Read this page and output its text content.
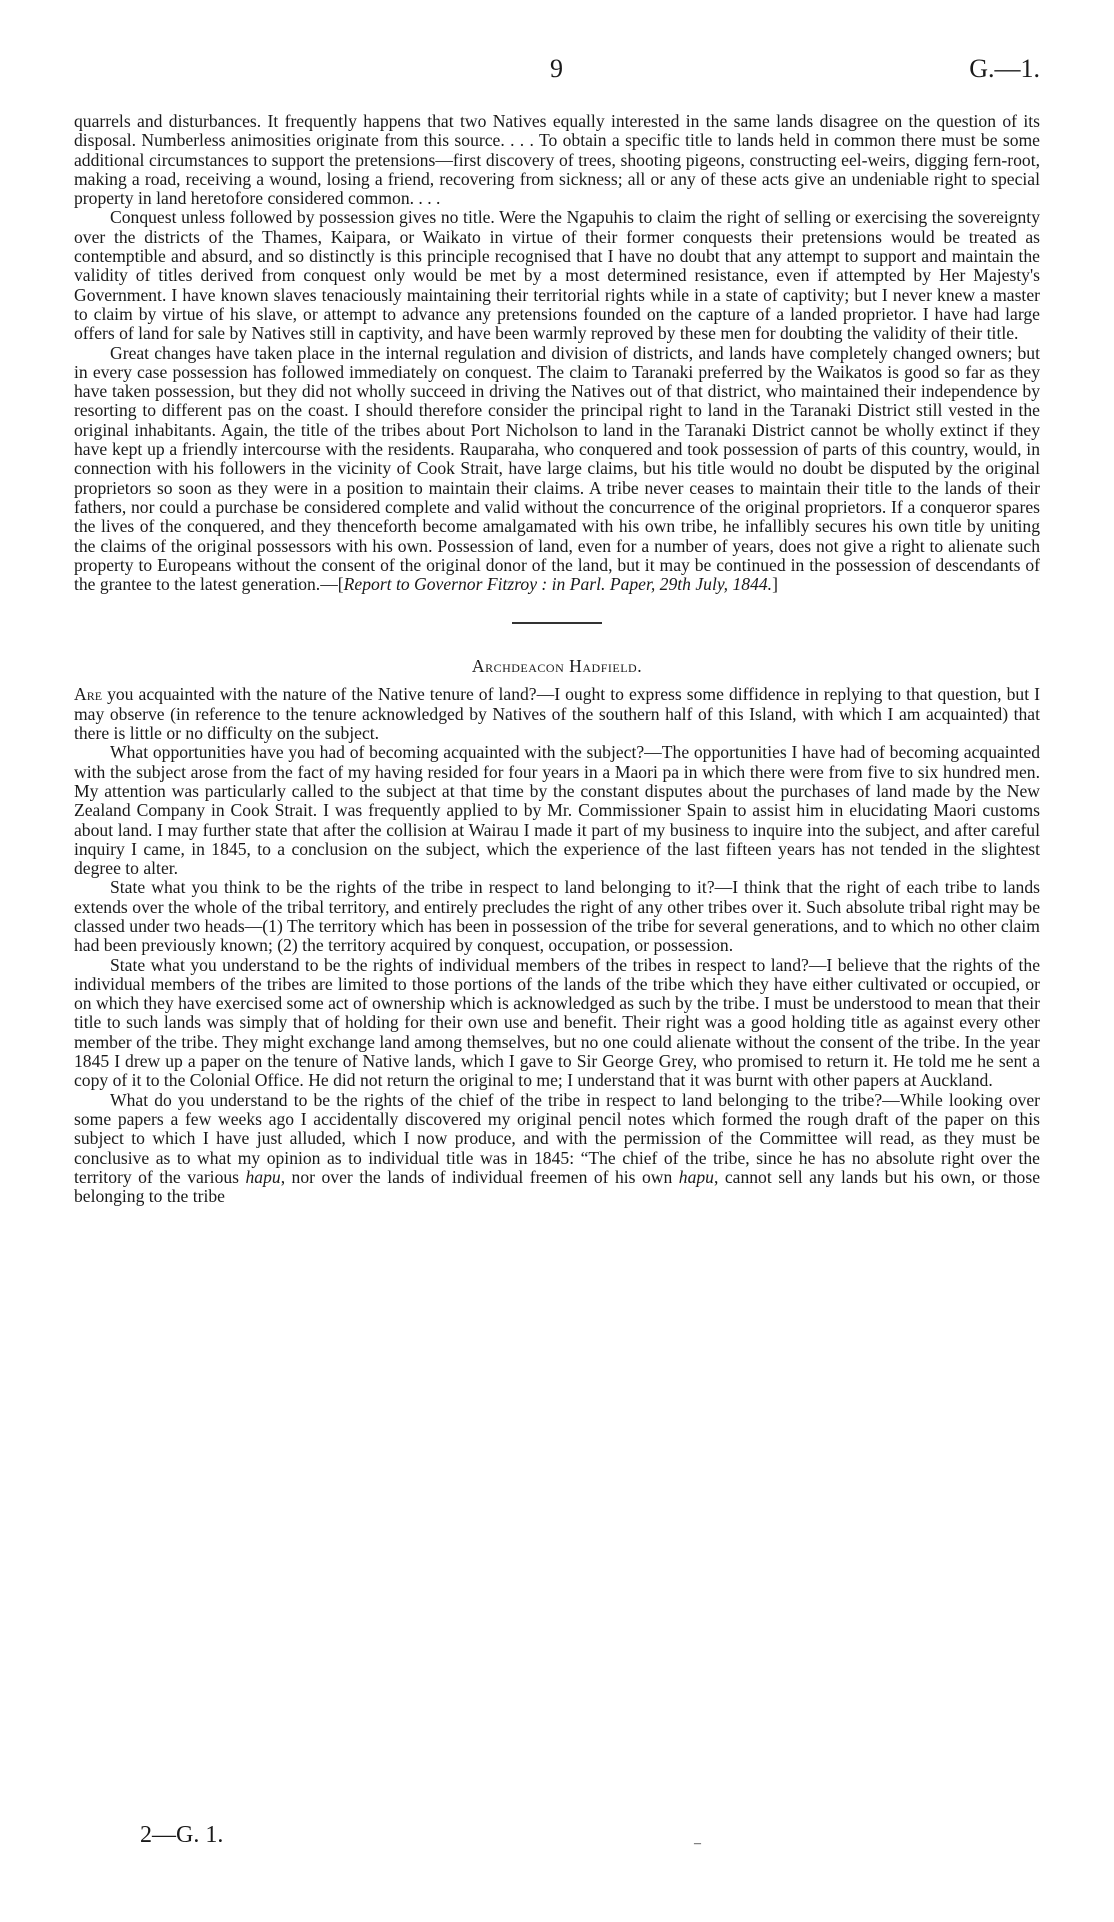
9	G.—1.

quarrels and disturbances. It frequently happens that two Natives equally interested in the same lands disagree on the question of its disposal. Numberless animosities originate from this source. . . . To obtain a specific title to lands held in common there must be some additional circumstances to support the pretensions—first discovery of trees, shooting pigeons, constructing eel-weirs, digging fern-root, making a road, receiving a wound, losing a friend, recovering from sickness; all or any of these acts give an undeniable right to special property in land heretofore considered common. . . .

Conquest unless followed by possession gives no title. Were the Ngapuhis to claim the right of selling or exercising the sovereignty over the districts of the Thames, Kaipara, or Waikato in virtue of their former conquests their pretensions would be treated as contemptible and absurd, and so distinctly is this principle recognised that I have no doubt that any attempt to support and maintain the validity of titles derived from conquest only would be met by a most determined resistance, even if attempted by Her Majesty's Government. I have known slaves tenaciously maintaining their territorial rights while in a state of captivity; but I never knew a master to claim by virtue of his slave, or attempt to advance any pretensions founded on the capture of a landed proprietor. I have had large offers of land for sale by Natives still in captivity, and have been warmly reproved by these men for doubting the validity of their title.

Great changes have taken place in the internal regulation and division of districts, and lands have completely changed owners; but in every case possession has followed immediately on conquest. The claim to Taranaki preferred by the Waikatos is good so far as they have taken possession, but they did not wholly succeed in driving the Natives out of that district, who maintained their independence by resorting to different pas on the coast. I should therefore consider the principal right to land in the Taranaki District still vested in the original inhabitants. Again, the title of the tribes about Port Nicholson to land in the Taranaki District cannot be wholly extinct if they have kept up a friendly intercourse with the residents. Rauparaha, who conquered and took possession of parts of this country, would, in connection with his followers in the vicinity of Cook Strait, have large claims, but his title would no doubt be disputed by the original proprietors so soon as they were in a position to maintain their claims. A tribe never ceases to maintain their title to the lands of their fathers, nor could a purchase be considered complete and valid without the concurrence of the original proprietors. If a conqueror spares the lives of the conquered, and they thenceforth become amalgamated with his own tribe, he infallibly secures his own title by uniting the claims of the original possessors with his own. Possession of land, even for a number of years, does not give a right to alienate such property to Europeans without the consent of the original donor of the land, but it may be continued in the possession of descendants of the grantee to the latest generation.—[Report to Governor Fitzroy : in Parl. Paper, 29th July, 1844.]

Archdeacon Hadfield.

Are you acquainted with the nature of the Native tenure of land?—I ought to express some diffidence in replying to that question, but I may observe (in reference to the tenure acknowledged by Natives of the southern half of this Island, with which I am acquainted) that there is little or no difficulty on the subject.

What opportunities have you had of becoming acquainted with the subject?—The opportunities I have had of becoming acquainted with the subject arose from the fact of my having resided for four years in a Maori pa in which there were from five to six hundred men. My attention was particularly called to the subject at that time by the constant disputes about the purchases of land made by the New Zealand Company in Cook Strait. I was frequently applied to by Mr. Commissioner Spain to assist him in elucidating Maori customs about land. I may further state that after the collision at Wairau I made it part of my business to inquire into the subject, and after careful inquiry I came, in 1845, to a conclusion on the subject, which the experience of the last fifteen years has not tended in the slightest degree to alter.

State what you think to be the rights of the tribe in respect to land belonging to it?—I think that the right of each tribe to lands extends over the whole of the tribal territory, and entirely precludes the right of any other tribes over it. Such absolute tribal right may be classed under two heads—(1) The territory which has been in possession of the tribe for several generations, and to which no other claim had been previously known; (2) the territory acquired by conquest, occupation, or possession.

State what you understand to be the rights of individual members of the tribes in respect to land?—I believe that the rights of the individual members of the tribes are limited to those portions of the lands of the tribe which they have either cultivated or occupied, or on which they have exercised some act of ownership which is acknowledged as such by the tribe. I must be understood to mean that their title to such lands was simply that of holding for their own use and benefit. Their right was a good holding title as against every other member of the tribe. They might exchange land among themselves, but no one could alienate without the consent of the tribe. In the year 1845 I drew up a paper on the tenure of Native lands, which I gave to Sir George Grey, who promised to return it. He told me he sent a copy of it to the Colonial Office. He did not return the original to me; I understand that it was burnt with other papers at Auckland.

What do you understand to be the rights of the chief of the tribe in respect to land belonging to the tribe?—While looking over some papers a few weeks ago I accidentally discovered my original pencil notes which formed the rough draft of the paper on this subject to which I have just alluded, which I now produce, and with the permission of the Committee will read, as they must be conclusive as to what my opinion as to individual title was in 1845: “The chief of the tribe, since he has no absolute right over the territory of the various hapu, nor over the lands of individual freemen of his own hapu, cannot sell any lands but his own, or those belonging to the tribe

2—G. 1.	‒
